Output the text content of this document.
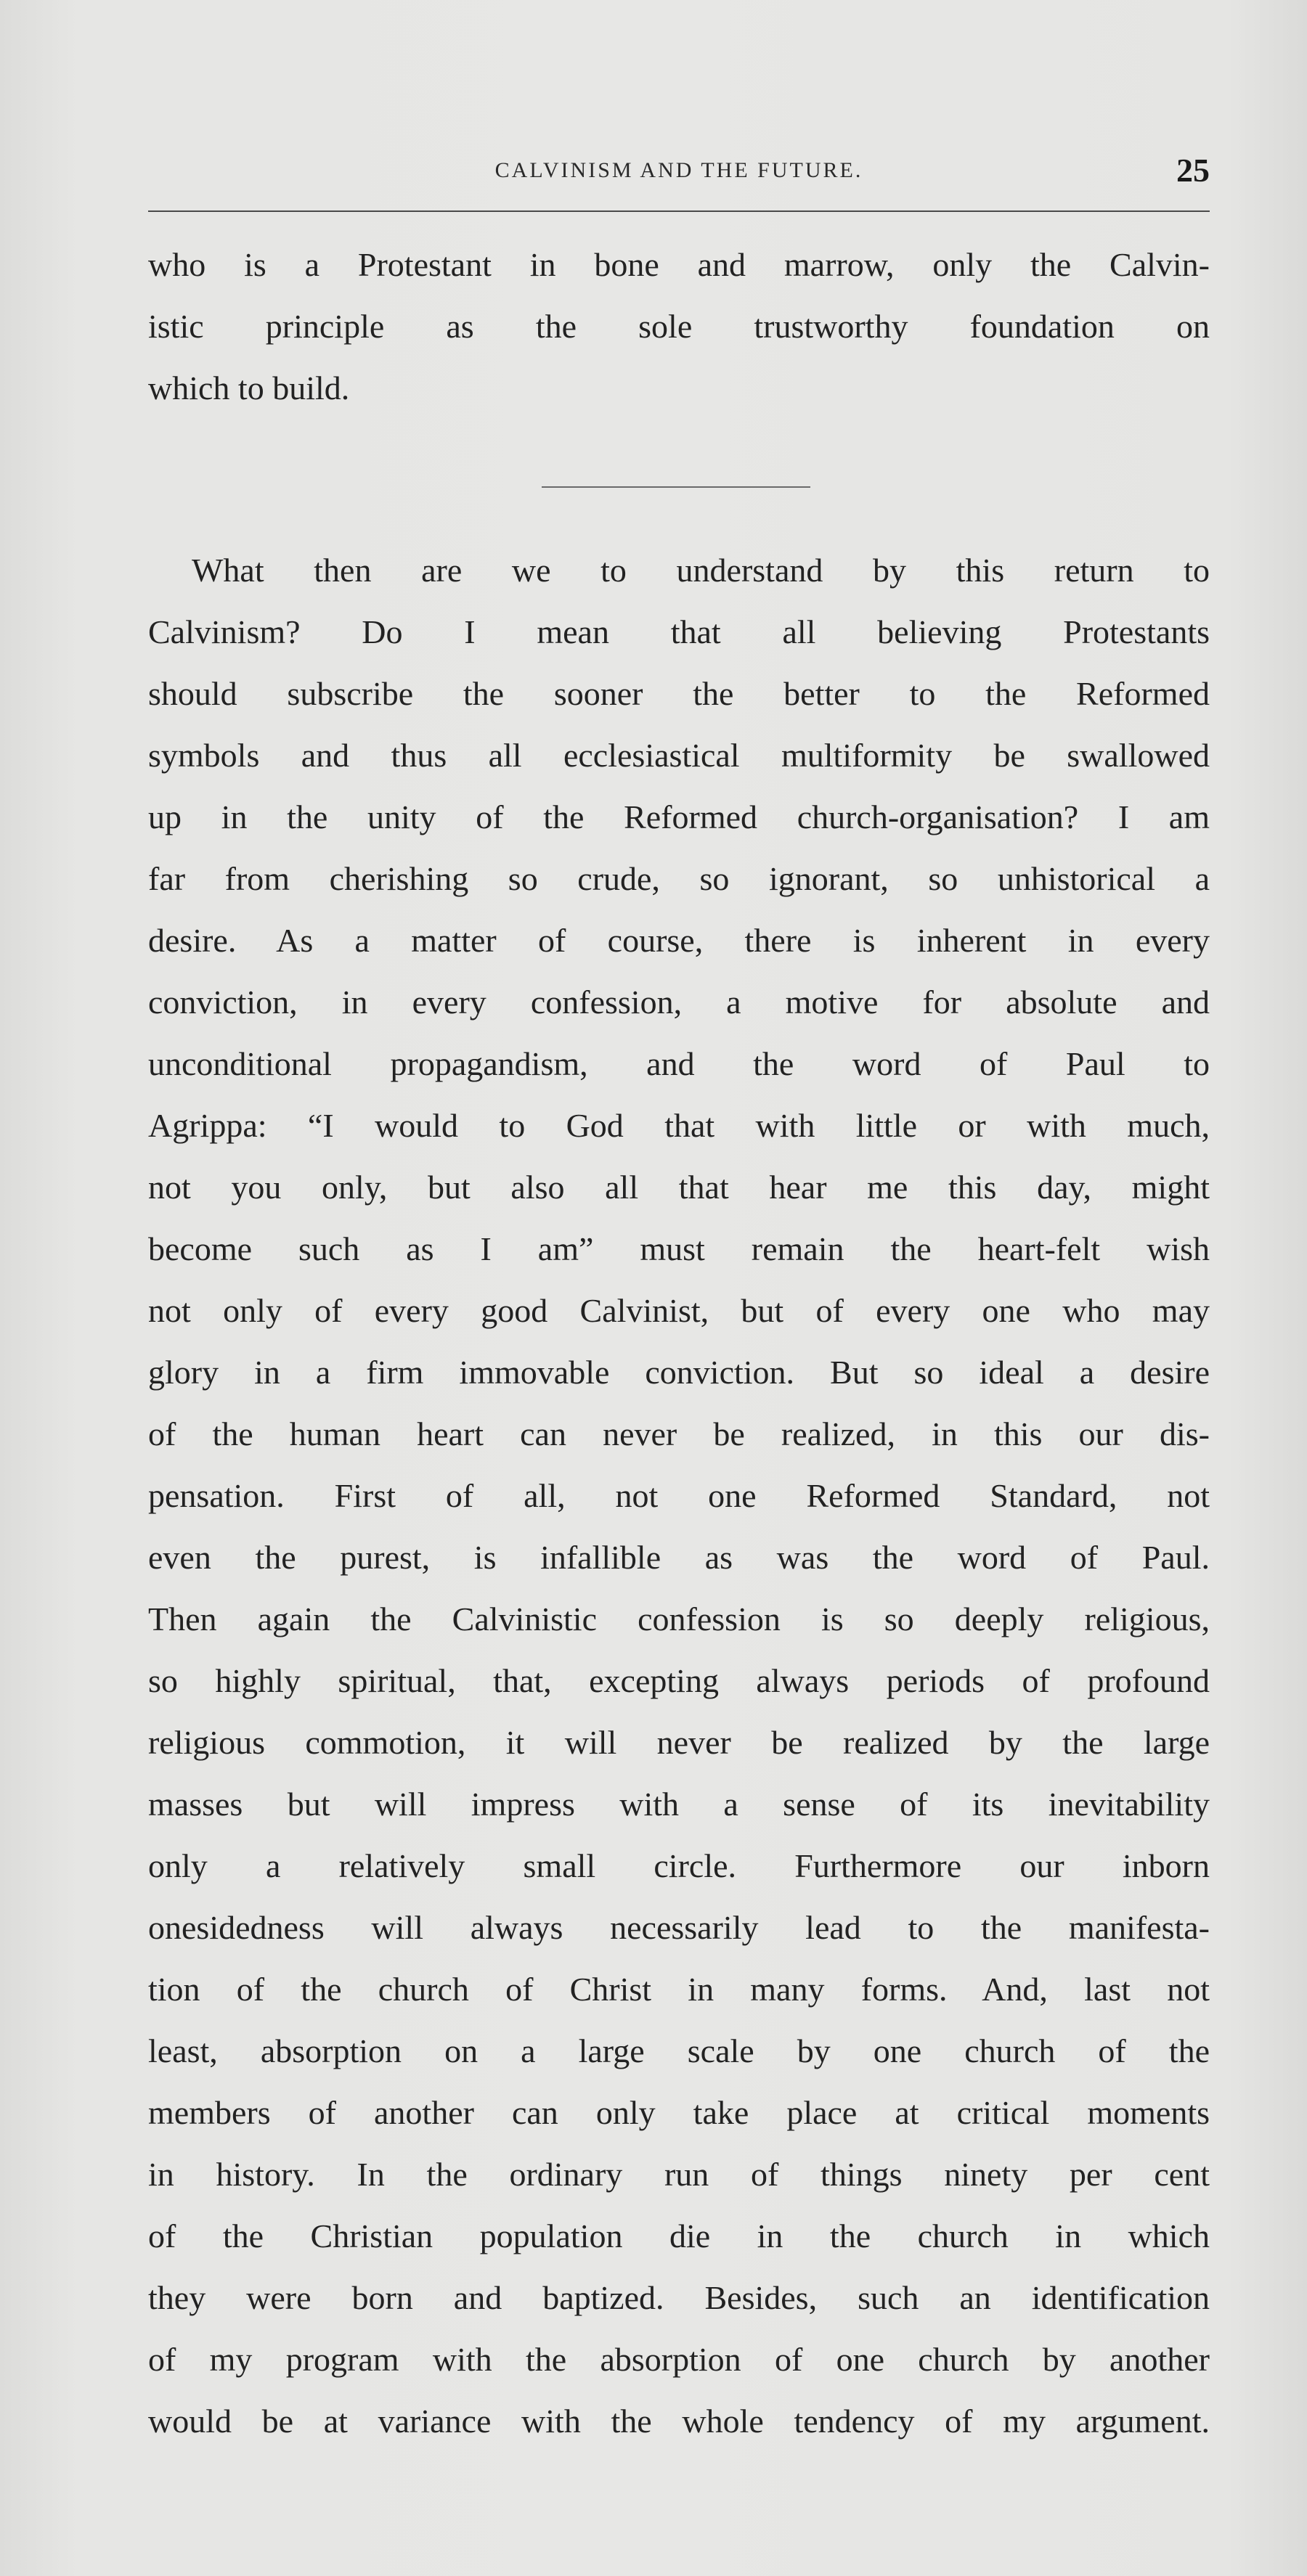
CALVINISM AND THE FUTURE.	25
who is a Protestant in bone and marrow, only the Calvin-
istic principle as the sole trustworthy foundation on
which to build.
What then are we to understand by this return to
Calvinism? Do I mean that all believing Protestants
should subscribe the sooner the better to the Reformed
symbols and thus all ecclesiastical multiformity be swallowed
up in the unity of the Reformed church-organisation? I am
far from cherishing so crude, so ignorant, so unhistorical a
desire. As a matter of course, there is inherent in every
conviction, in every confession, a motive for absolute and
unconditional propagandism, and the word of Paul to
Agrippa: “I would to God that with little or with much,
not you only, but also all that hear me this day, might
become such as I am” must remain the heart-felt wish
not only of every good Calvinist, but of every one who may
glory in a firm immovable conviction. But so ideal a desire
of the human heart can never be realized, in this our dis-
pensation. First of all, not one Reformed Standard, not
even the purest, is infallible as was the word of Paul.
Then again the Calvinistic confession is so deeply religious,
so highly spiritual, that, excepting always periods of profound
religious commotion, it will never be realized by the large
masses but will impress with a sense of its inevitability
only a relatively small circle. Furthermore our inborn
onesidedness will always necessarily lead to the manifesta-
tion of the church of Christ in many forms. And, last not
least, absorption on a large scale by one church of the
members of another can only take place at critical moments
in history. In the ordinary run of things ninety per cent
of the Christian population die in the church in which
they were born and baptized. Besides, such an identification
of my program with the absorption of one church by another
would be at variance with the whole tendency of my argument.
